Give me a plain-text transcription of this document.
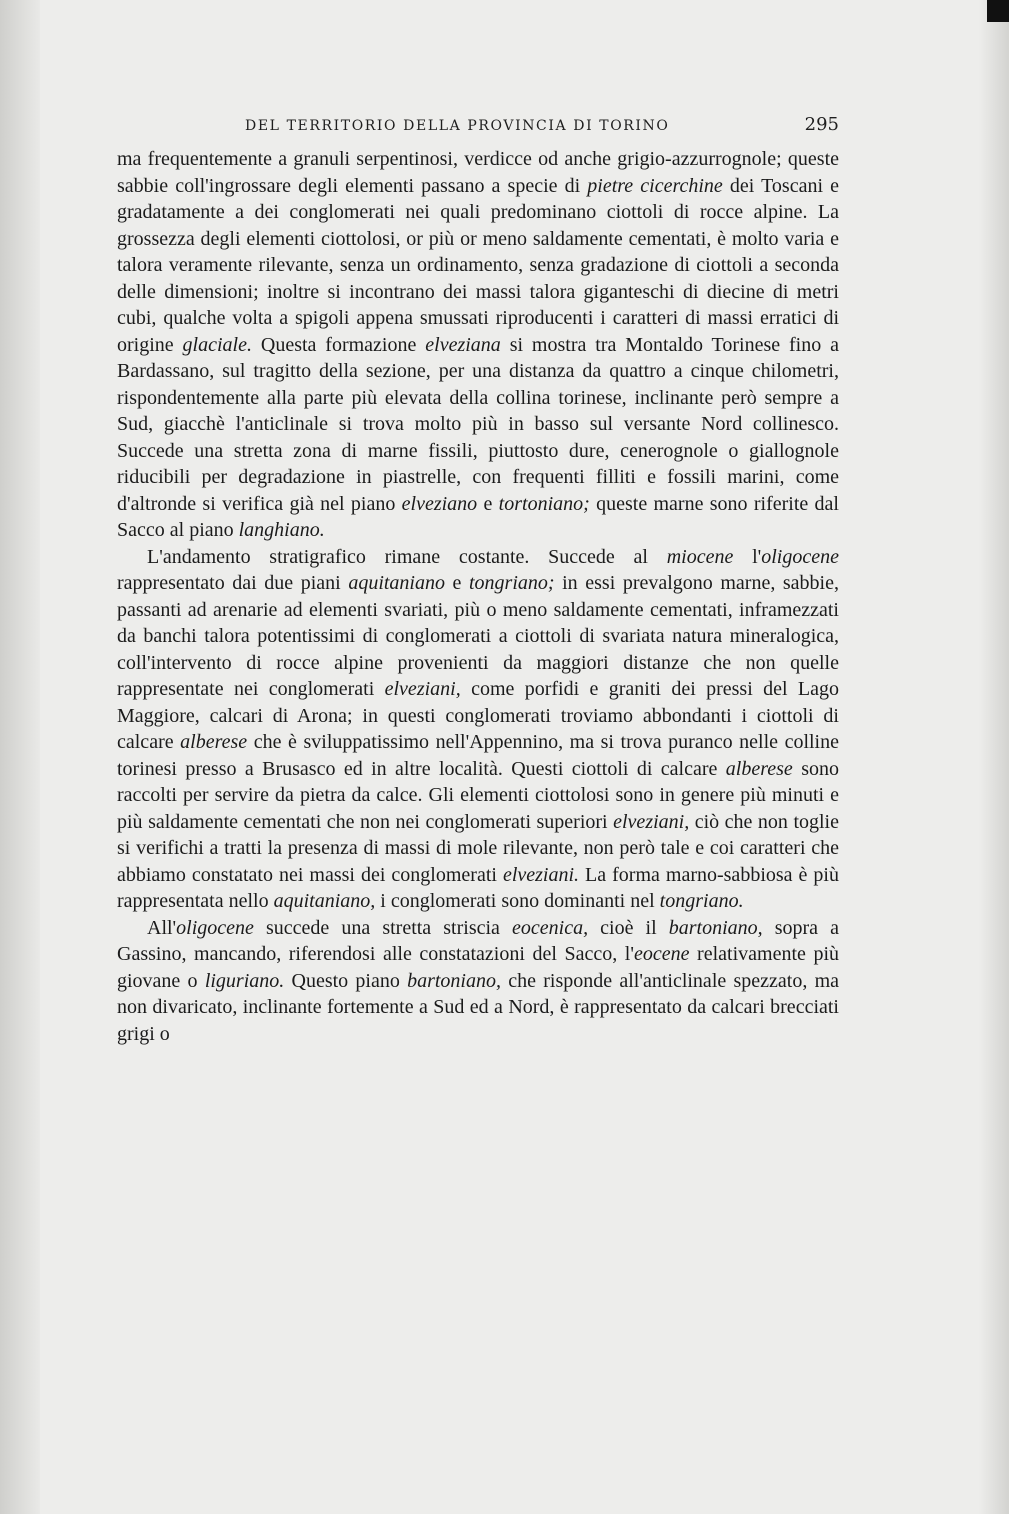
DEL TERRITORIO DELLA PROVINCIA DI TORINO	295

ma frequentemente a granuli serpentinosi, verdicce od anche grigio-azzurrognole; queste sabbie coll'ingrossare degli elementi passano a specie di pietre cicerchine dei Toscani e gradatamente a dei conglomerati nei quali predominano ciottoli di rocce alpine. La grossezza degli elementi ciottolosi, or più or meno saldamente cementati, è molto varia e talora veramente rilevante, senza un ordinamento, senza gradazione di ciottoli a seconda delle dimensioni; inoltre si incontrano dei massi talora giganteschi di diecine di metri cubi, qualche volta a spigoli appena smussati riproducenti i caratteri di massi erratici di origine glaciale. Questa formazione elveziana si mostra tra Montaldo Torinese fino a Bardassano, sul tragitto della sezione, per una distanza da quattro a cinque chilometri, rispondentemente alla parte più elevata della collina torinese, inclinante però sempre a Sud, giacchè l'anticlinale si trova molto più in basso sul versante Nord collinesco. Succede una stretta zona di marne fissili, piuttosto dure, cenerognole o giallognole riducibili per degradazione in piastrelle, con frequenti filliti e fossili marini, come d'altronde si verifica già nel piano elveziano e tortoniano; queste marne sono riferite dal Sacco al piano langhiano.

L'andamento stratigrafico rimane costante. Succede al miocene l'oligocene rappresentato dai due piani aquitaniano e tongriano; in essi prevalgono marne, sabbie, passanti ad arenarie ad elementi svariati, più o meno saldamente cementati, inframezzati da banchi talora potentissimi di conglomerati a ciottoli di svariata natura mineralogica, coll'intervento di rocce alpine provenienti da maggiori distanze che non quelle rappresentate nei conglomerati elveziani, come porfidi e graniti dei pressi del Lago Maggiore, calcari di Arona; in questi conglomerati troviamo abbondanti i ciottoli di calcare alberese che è sviluppatissimo nell'Appennino, ma si trova puranco nelle colline torinesi presso a Brusasco ed in altre località. Questi ciottoli di calcare alberese sono raccolti per servire da pietra da calce. Gli elementi ciottolosi sono in genere più minuti e più saldamente cementati che non nei conglomerati superiori elveziani, ciò che non toglie si verifichi a tratti la presenza di massi di mole rilevante, non però tale e coi caratteri che abbiamo constatato nei massi dei conglomerati elveziani. La forma marno-sabbiosa è più rappresentata nello aquitaniano, i conglomerati sono dominanti nel tongriano.

All'oligocene succede una stretta striscia eocenica, cioè il bartoniano, sopra a Gassino, mancando, riferendosi alle constatazioni del Sacco, l'eocene relativamente più giovane o liguriano. Questo piano bartoniano, che risponde all'anticlinale spezzato, ma non divaricato, inclinante fortemente a Sud ed a Nord, è rappresentato da calcari brecciati grigi o
